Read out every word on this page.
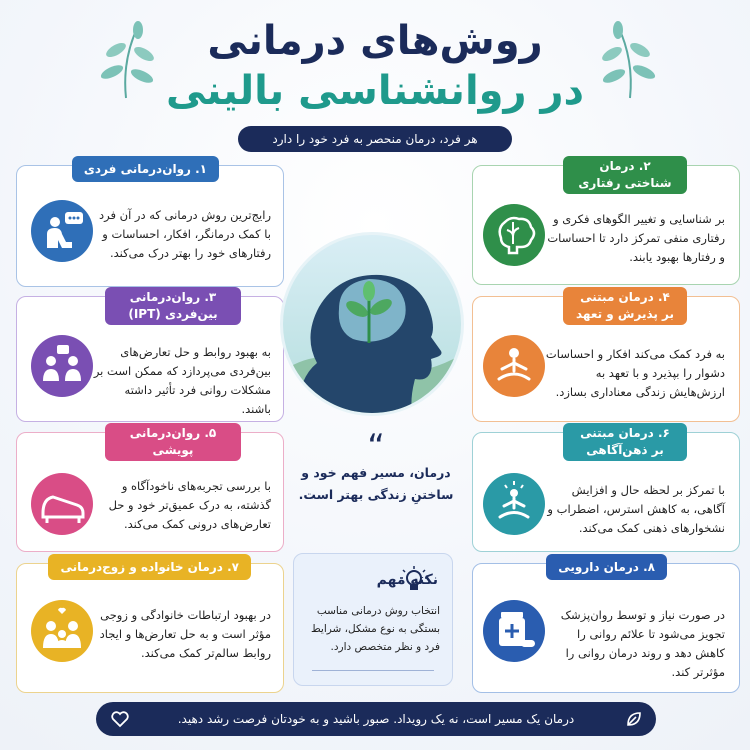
روش‌های درمانی
در روانشناسی بالینی
هر فرد، درمان منحصر به فرد خود را دارد
۱. روان‌درمانی فردی
رایج‌ترین روش درمانی که در آن فرد با کمک درمانگر، افکار، احساسات و رفتارهای خود را بهتر درک می‌کند.
۳. روان‌درمانی بین‌فردی (IPT)
به بهبود روابط و حل تعارض‌های بین‌فردی می‌پردازد که ممکن است بر مشکلات روانی فرد تأثیر داشته باشند.
۵. روان‌درمانی پویشی (روان‌کاوی)
با بررسی تجربه‌های ناخودآگاه و گذشته، به درک عمیق‌تر خود و حل تعارض‌های درونی کمک می‌کند.
۷. درمان خانواده و زوج‌درمانی
در بهبود ارتباطات خانوادگی و زوجی مؤثر است و به حل تعارض‌ها و ایجاد روابط سالم‌تر کمک می‌کند.
۲. درمان شناختی رفتاری (CBT)
بر شناسایی و تغییر الگوهای فکری و رفتاری منفی تمرکز دارد تا احساسات و رفتارها بهبود یابند.
۴. درمان مبتنی بر پذیرش و تعهد (ACT)
به فرد کمک می‌کند افکار و احساسات دشوار را بپذیرد و با تعهد به ارزش‌هایش زندگی معناداری بسازد.
۶. درمان مبتنی بر ذهن‌آگاهی (MBT)
با تمرکز بر لحظه حال و افزایش آگاهی، به کاهش استرس، اضطراب و نشخوارهای ذهنی کمک می‌کند.
۸. درمان دارویی
در صورت نیاز و توسط روان‌پزشک تجویز می‌شود تا علائم روانی را کاهش دهد و روند درمان روانی را مؤثرتر کند.
“
درمان، مسیر فهم خود و ساختنِ زندگی بهتر است.
نکته مهم
انتخاب روش درمانی مناسب بستگی به نوع مشکل، شرایط فرد و نظر متخصص دارد.
درمان یک مسیر است، نه یک رویداد. صبور باشید و به خودتان فرصت رشد دهید.
